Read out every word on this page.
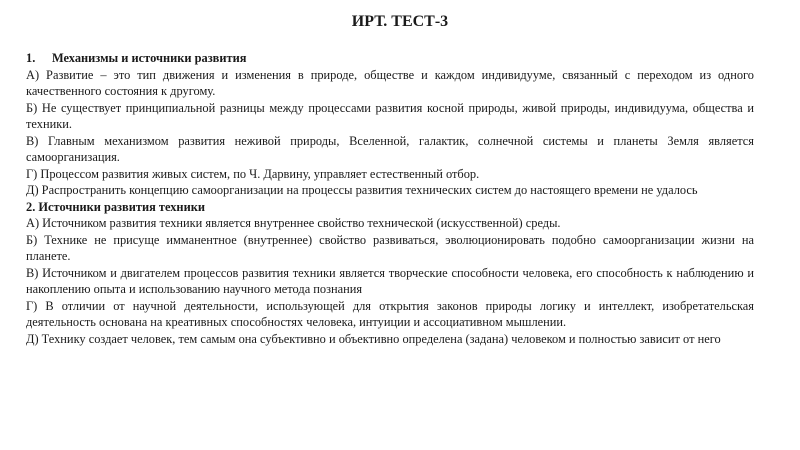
ИРТ. ТЕСТ-3
1.	Механизмы и источники развития

А) Развитие – это тип движения и изменения в природе, обществе и каждом индивидууме, связанный с переходом из одного качественного состояния к другому.

Б) Не существует принципиальной разницы между процессами развития косной природы, живой природы, индивидуума, общества и техники.

В) Главным механизмом развития неживой природы, Вселенной, галактик, солнечной системы и планеты Земля является самоорганизация.

Г) Процессом развития живых систем, по Ч. Дарвину, управляет естественный отбор.

Д) Распространить концепцию самоорганизации на процессы развития технических систем до настоящего времени не удалось

2. Источники развития техники

А) Источником развития техники является внутреннее свойство технической (искусственной) среды.

Б) Технике не присуще имманентное (внутреннее) свойство развиваться, эволюционировать подобно самоорганизации жизни на планете.

В) Источником и двигателем процессов развития техники является творческие способности человека, его способность к наблюдению и накоплению опыта и использованию научного метода познания

Г) В отличии от научной деятельности, использующей для открытия законов природы логику и интеллект, изобретательская деятельность основана на креативных способностях человека, интуиции и ассоциативном мышлении.

Д) Технику создает человек, тем самым она субъективно и объективно определена (задана) человеком и полностью зависит от него
